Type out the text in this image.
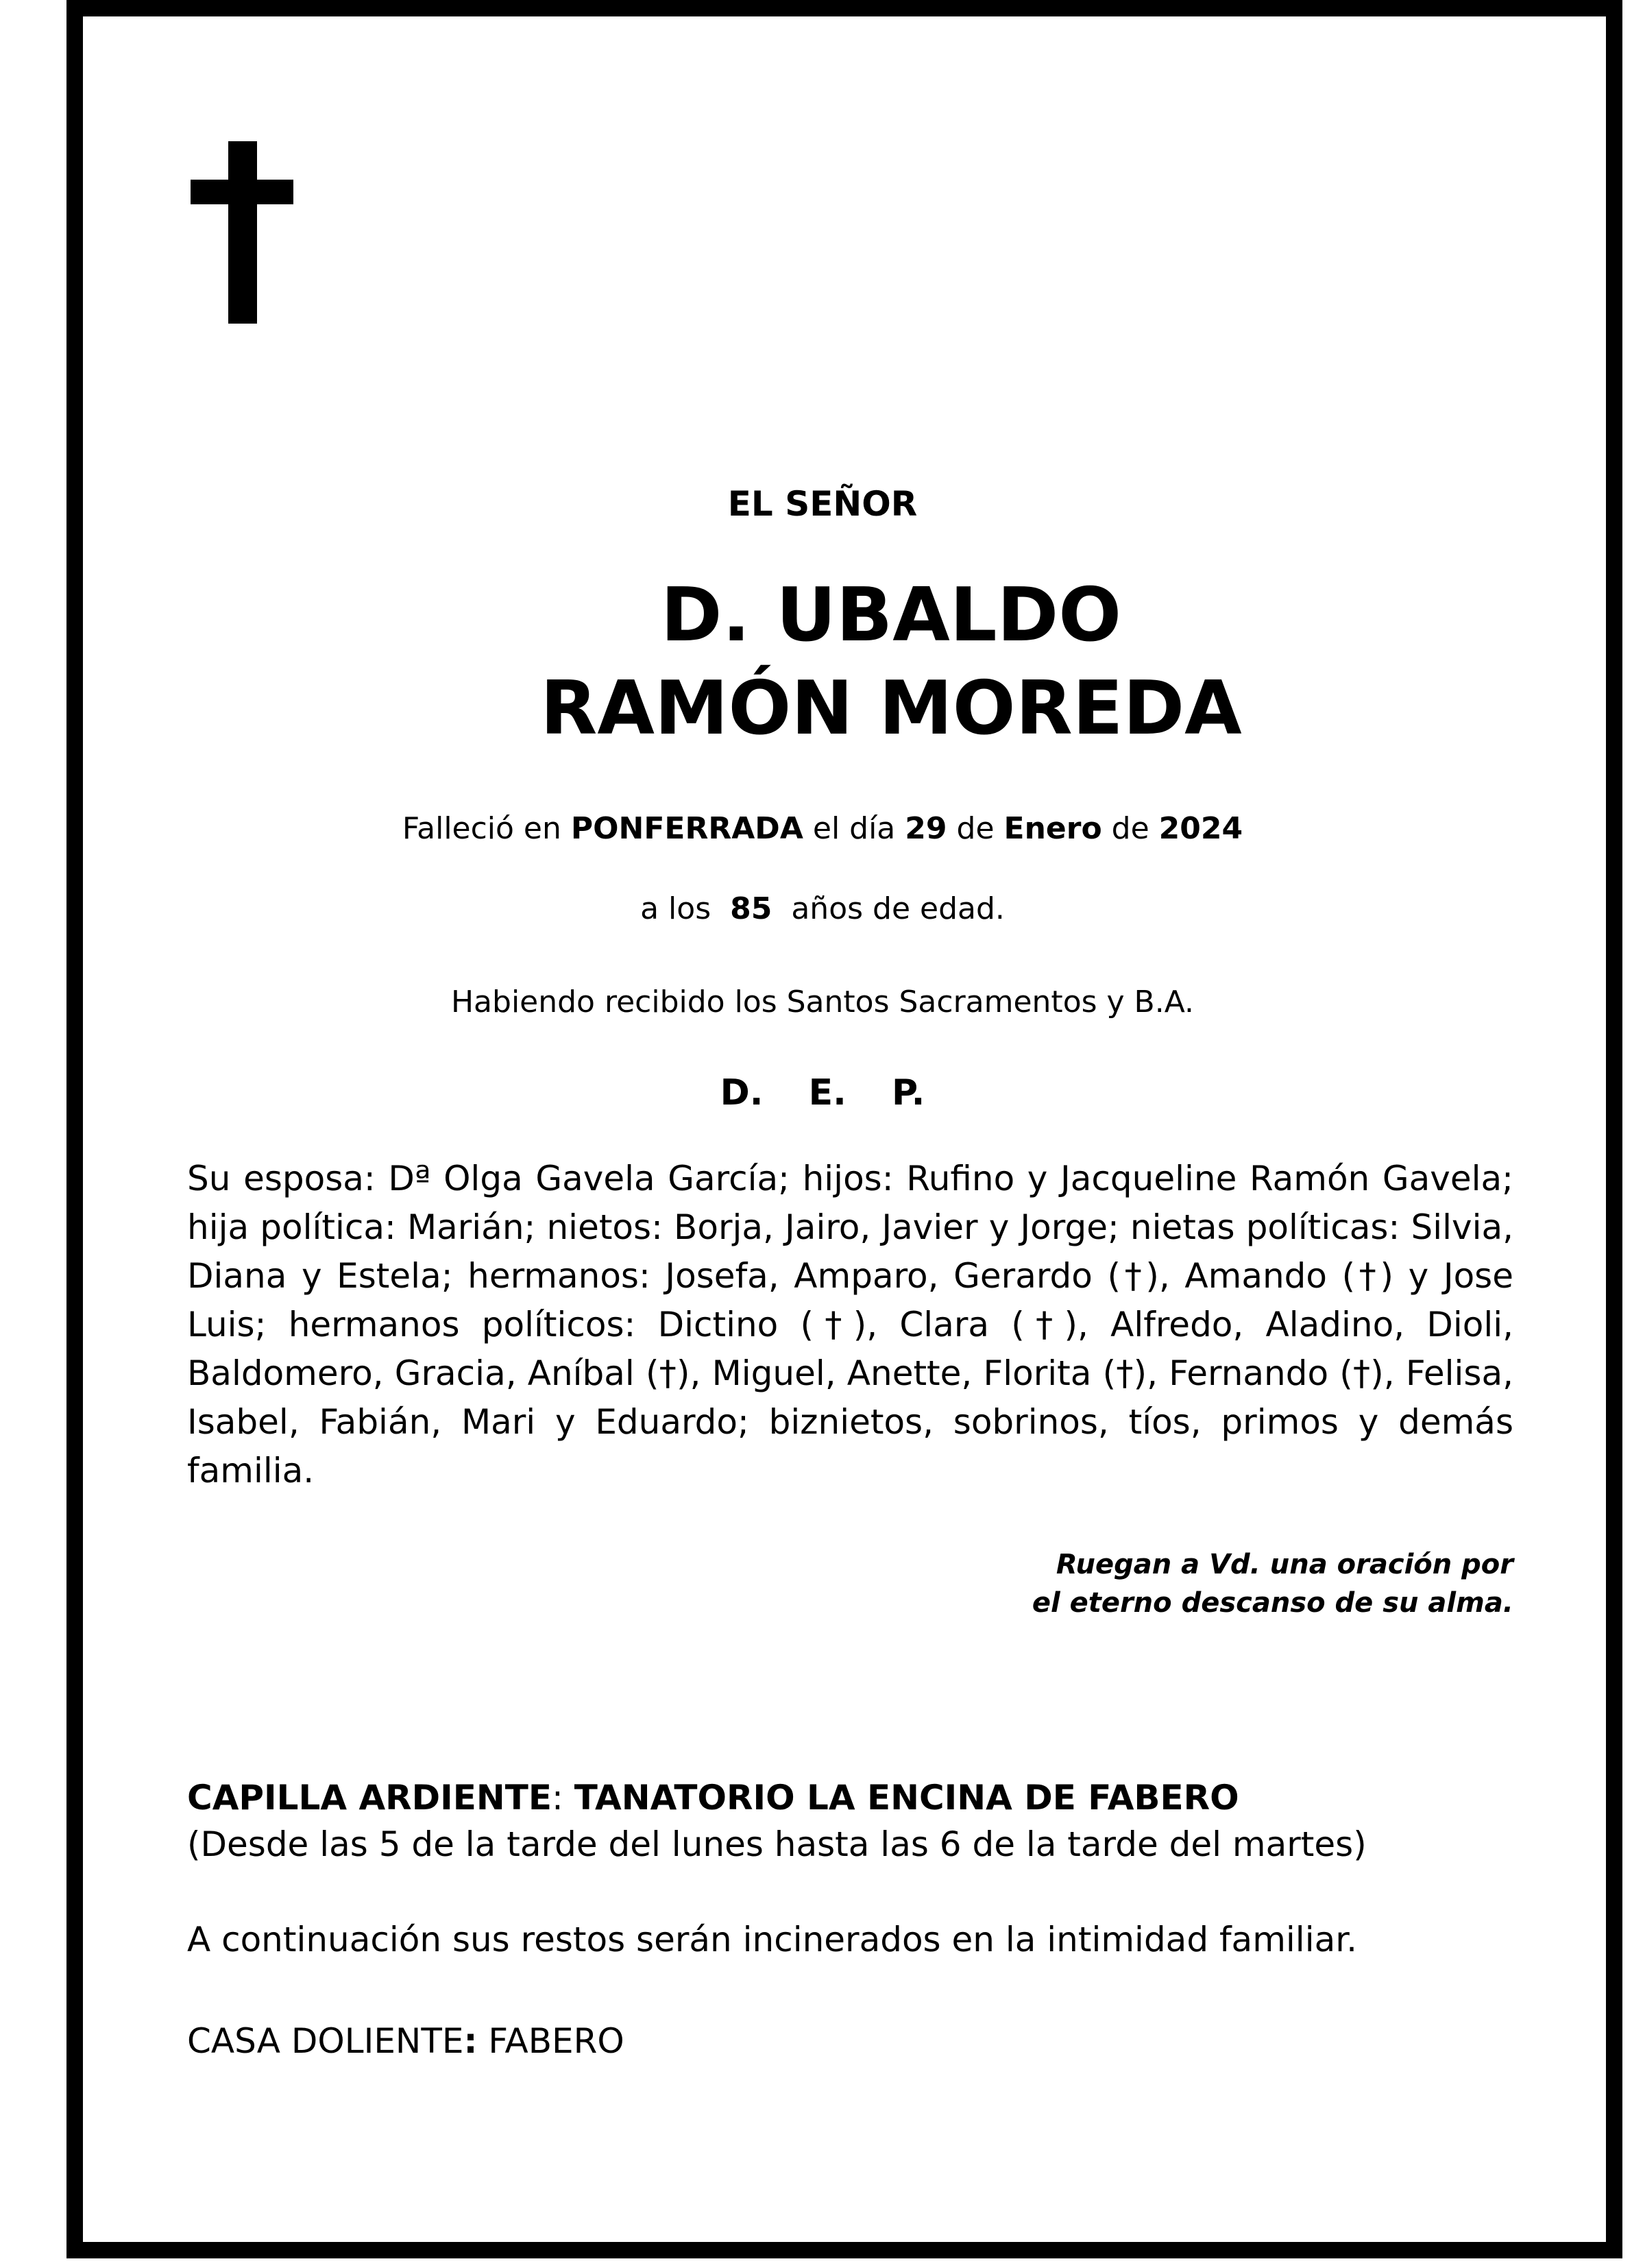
EL SEÑOR
D. UBALDO
RAMÓN MOREDA
Falleció en PONFERRADA el día 29 de Enero de 2024
a los 85 años de edad.
Habiendo recibido los Santos Sacramentos y B.A.
D. E. P.
Su esposa: Dª Olga Gavela García; hijos: Rufino y Jacqueline Ramón Gavela; hija política: Marián; nietos: Borja, Jairo, Javier y Jorge; nietas políticas: Silvia, Diana y Estela; hermanos: Josefa, Amparo, Gerardo (†), Amando (†) y Jose Luis; hermanos políticos: Dictino (†), Clara (†), Alfredo, Aladino, Dioli, Baldomero, Gracia, Aníbal (†), Miguel, Anette, Florita (†), Fernando (†), Felisa, Isabel, Fabián, Mari y Eduardo; biznietos, sobrinos, tíos, primos y demás familia.
Ruegan a Vd. una oración por
el eterno descanso de su alma.
CAPILLA ARDIENTE: TANATORIO LA ENCINA DE FABERO
(Desde las 5 de la tarde del lunes hasta las 6 de la tarde del martes)
A continuación sus restos serán incinerados en la intimidad familiar.
CASA DOLIENTE: FABERO
